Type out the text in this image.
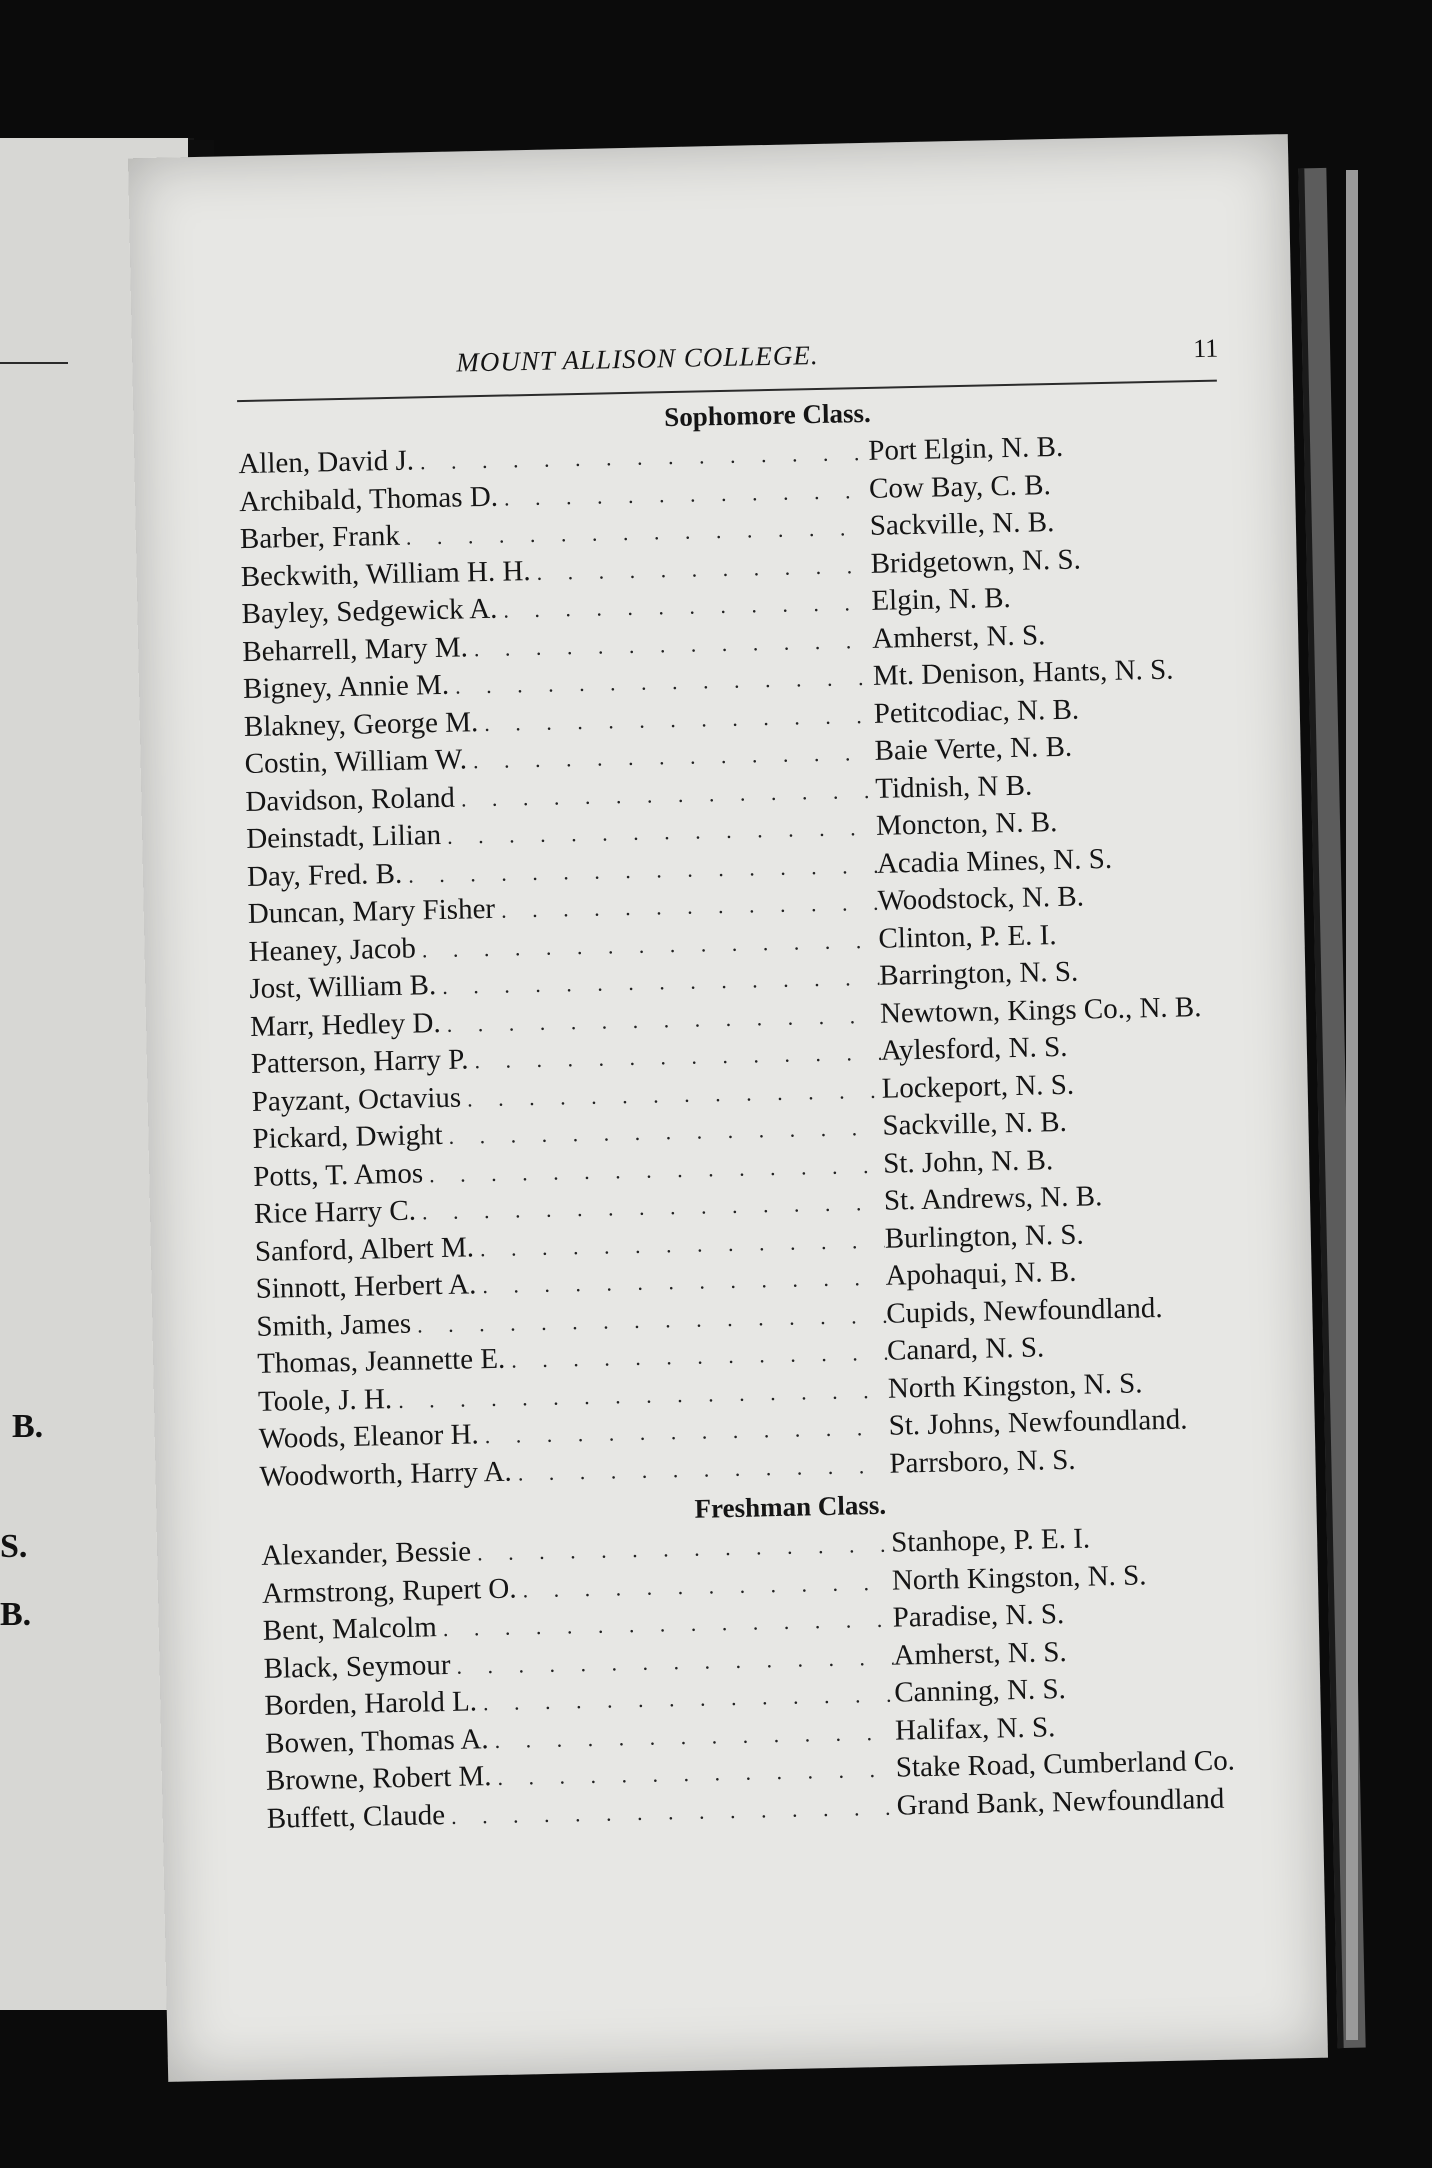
B.
S.
B.
MOUNT ALLISON COLLEGE.	11
Sophomore Class.
Allen, David J. . . .	Port Elgin, N. B.
Archibald, Thomas D. . . .	Cow Bay, C. B.
Barber, Frank . . .	Sackville, N. B.
Beckwith, William H. H. . . .	Bridgetown, N. S.
Bayley, Sedgewick A. . . .	Elgin, N. B.
Beharrell, Mary M. . . .	Amherst, N. S.
Bigney, Annie M. . . .	Mt. Denison, Hants, N. S.
Blakney, George M. . . .	Petitcodiac, N. B.
Costin, William W. . . .	Baie Verte, N. B.
Davidson, Roland . . .	Tidnish, N B.
Deinstadt, Lilian . . .	Moncton, N. B.
Day, Fred. B. . . .	Acadia Mines, N. S.
Duncan, Mary Fisher . . .	Woodstock, N. B.
Heaney, Jacob . . .	Clinton, P. E. I.
Jost, William B. . . .	Barrington, N. S.
Marr, Hedley D. . . .	Newtown, Kings Co., N. B.
Patterson, Harry P. . . .	Aylesford, N. S.
Payzant, Octavius . . .	Lockeport, N. S.
Pickard, Dwight . . .	Sackville, N. B.
Potts, T. Amos . . .	St. John, N. B.
Rice Harry C. . . .	St. Andrews, N. B.
Sanford, Albert M. . . .	Burlington, N. S.
Sinnott, Herbert A. . . .	Apohaqui, N. B.
Smith, James . . .	Cupids, Newfoundland.
Thomas, Jeannette E. . . .	Canard, N. S.
Toole, J. H. . . .	North Kingston, N. S.
Woods, Eleanor H. . . .	St. Johns, Newfoundland.
Woodworth, Harry A. . . .	Parrsboro, N. S.
Freshman Class.
Alexander, Bessie . . .	Stanhope, P. E. I.
Armstrong, Rupert O. . . .	North Kingston, N. S.
Bent, Malcolm . . .	Paradise, N. S.
Black, Seymour . . .	Amherst, N. S.
Borden, Harold L. . . .	Canning, N. S.
Bowen, Thomas A. . . .	Halifax, N. S.
Browne, Robert M. . . .	Stake Road, Cumberland Co.
Buffett, Claude . . .	Grand Bank, Newfoundland
